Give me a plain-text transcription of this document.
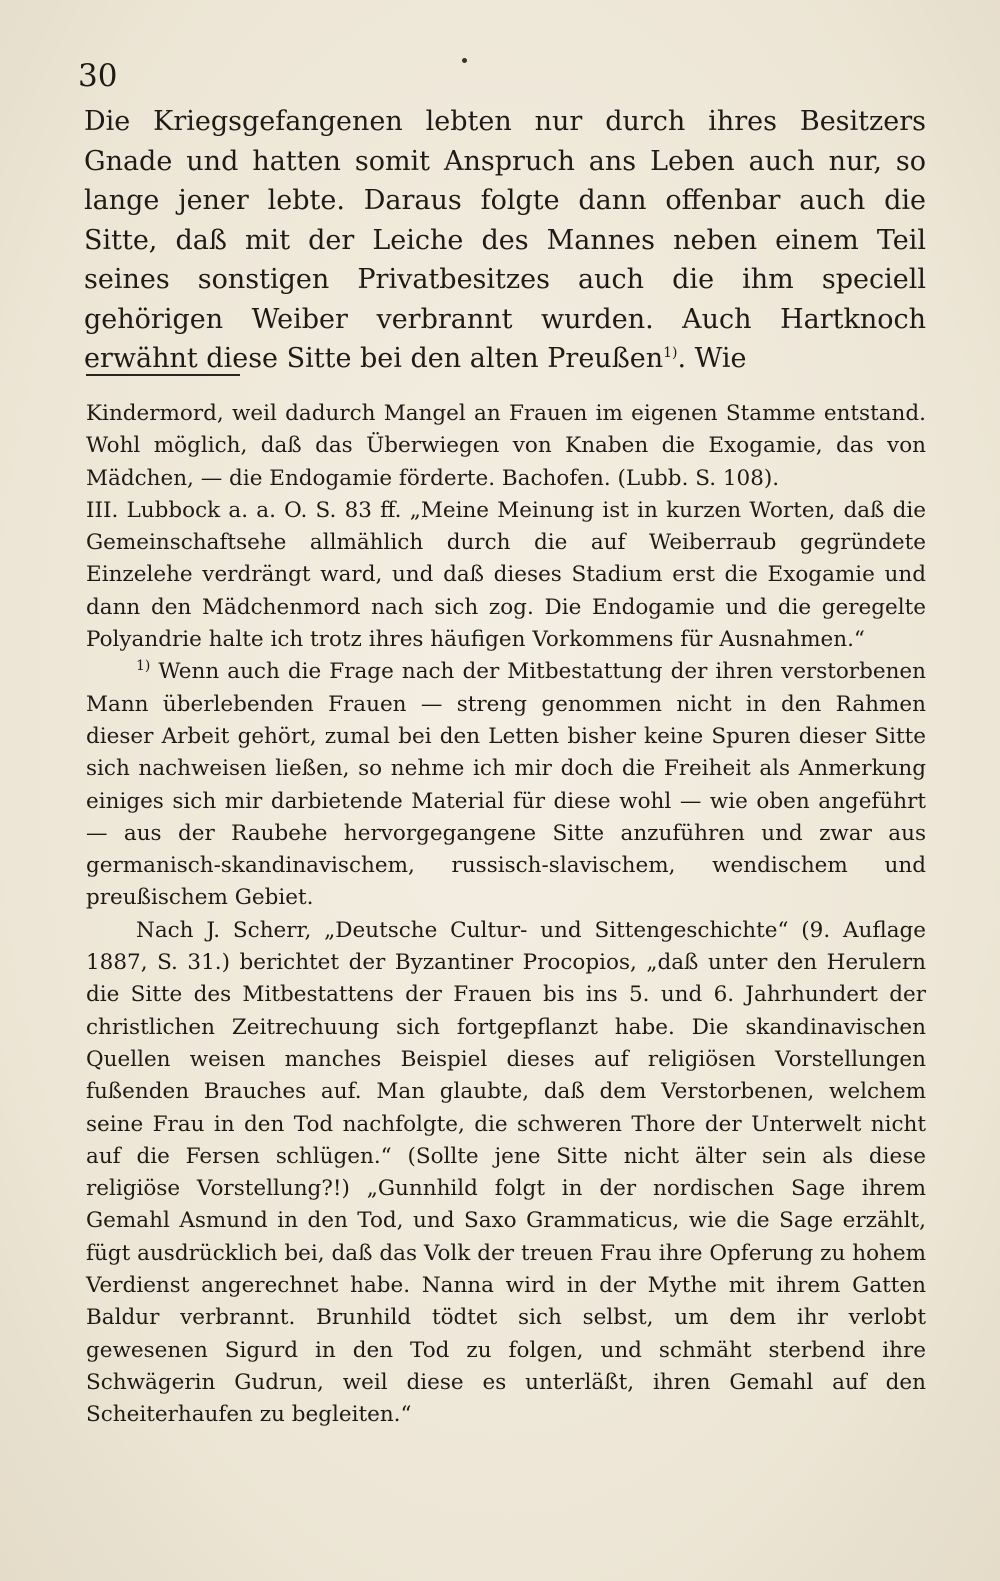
30
Die Kriegsgefangenen lebten nur durch ihres Besitzers Gnade und hatten somit Anspruch ans Leben auch nur, so lange jener lebte. Daraus folgte dann offenbar auch die Sitte, daß mit der Leiche des Mannes neben einem Teil seines sonstigen Privatbesitzes auch die ihm speciell gehörigen Weiber verbrannt wurden. Auch Hartknoch erwähnt diese Sitte bei den alten Preußen$^{1)}$. Wie

Kindermord, weil dadurch Mangel an Frauen im eigenen Stamme entstand. Wohl möglich, daß das Überwiegen von Knaben die Exogamie, das von Mädchen, — die Endogamie förderte. Bachofen. (Lubb. S. 108).

III. Lubbock a. a. O. S. 83 ff. „Meine Meinung ist in kurzen Worten, daß die Gemeinschaftsehe allmählich durch die auf Weiberraub gegründete Einzelehe verdrängt ward, und daß dieses Stadium erst die Exogamie und dann den Mädchenmord nach sich zog. Die Endogamie und die geregelte Polyandrie halte ich trotz ihres häufigen Vorkommens für Ausnahmen.“

$^{1)}$ Wenn auch die Frage nach der Mitbestattung der ihren verstorbenen Mann überlebenden Frauen — streng genommen nicht in den Rahmen dieser Arbeit gehört, zumal bei den Letten bisher keine Spuren dieser Sitte sich nachweisen ließen, so nehme ich mir doch die Freiheit als Anmerkung einiges sich mir darbietende Material für diese wohl — wie oben angeführt — aus der Raubehe hervorgegangene Sitte anzuführen und zwar aus germanisch-skandinavischem, russisch-slavischem, wendischem und preußischem Gebiet.

Nach J. Scherr, „Deutsche Cultur- und Sittengeschichte“ (9. Auflage 1887, S. 31.) berichtet der Byzantiner Procopios, „daß unter den Herulern die Sitte des Mitbestattens der Frauen bis ins 5. und 6. Jahrhundert der christlichen Zeitrechuung sich fortgepflanzt habe. Die skandinavischen Quellen weisen manches Beispiel dieses auf religiösen Vorstellungen fußenden Brauches auf. Man glaubte, daß dem Verstorbenen, welchem seine Frau in den Tod nachfolgte, die schweren Thore der Unterwelt nicht auf die Fersen schlügen.“ (Sollte jene Sitte nicht älter sein als diese religiöse Vorstellung?!) „Gunnhild folgt in der nordischen Sage ihrem Gemahl Asmund in den Tod, und Saxo Grammaticus, wie die Sage erzählt, fügt ausdrücklich bei, daß das Volk der treuen Frau ihre Opferung zu hohem Verdienst angerechnet habe. Nanna wird in der Mythe mit ihrem Gatten Baldur verbrannt. Brunhild tödtet sich selbst, um dem ihr verlobt gewesenen Sigurd in den Tod zu folgen, und schmäht sterbend ihre Schwägerin Gudrun, weil diese es unterläßt, ihren Gemahl auf den Scheiterhaufen zu begleiten.“
